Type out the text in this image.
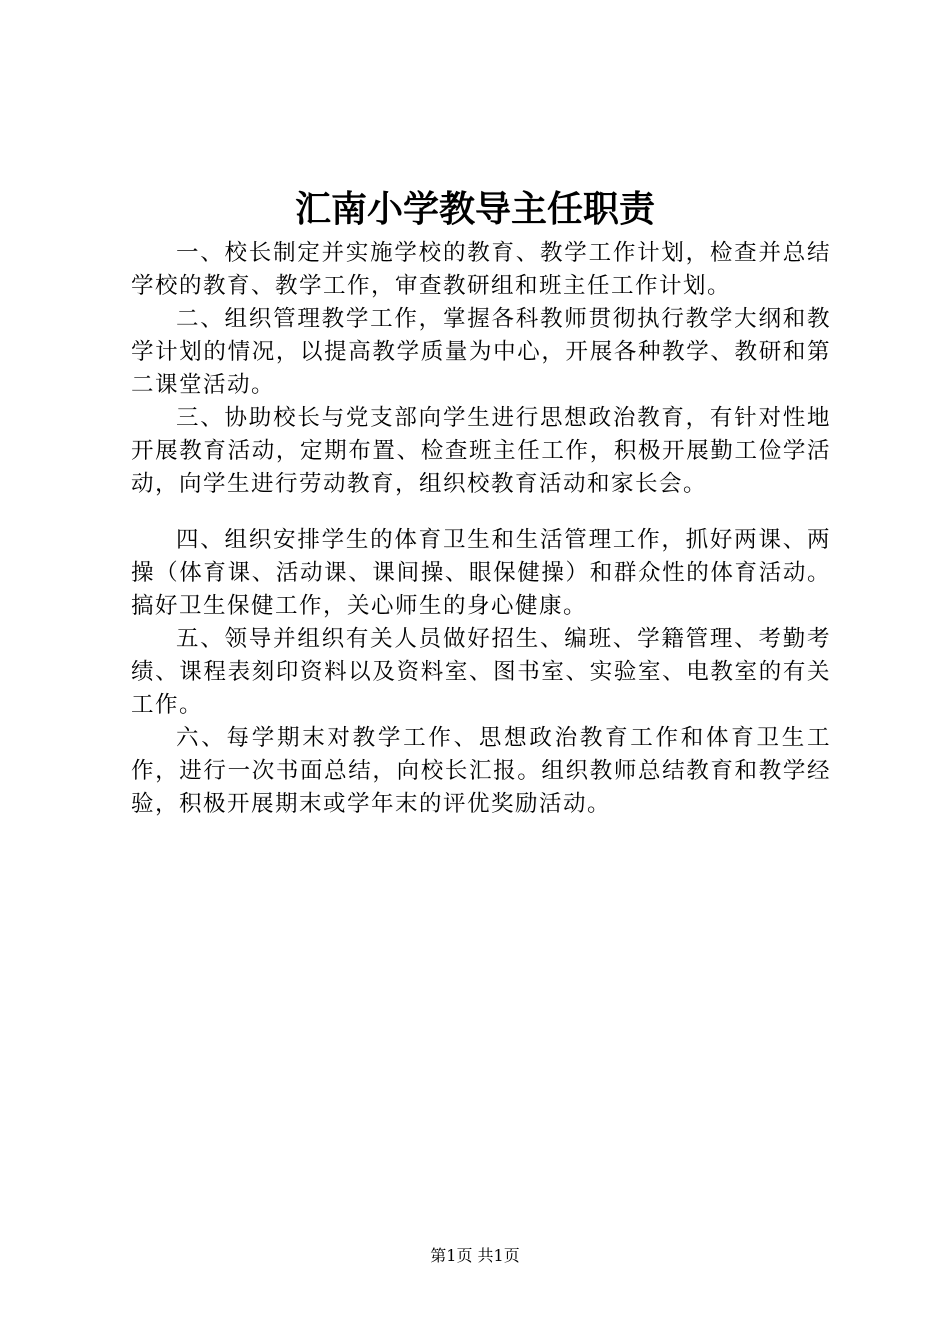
汇南小学教导主任职责

一、校长制定并实施学校的教育、教学工作计划，检查并总结学校的教育、教学工作，审查教研组和班主任工作计划。

二、组织管理教学工作，掌握各科教师贯彻执行教学大纲和教学计划的情况，以提高教学质量为中心，开展各种教学、教研和第二课堂活动。

三、协助校长与党支部向学生进行思想政治教育，有针对性地开展教育活动，定期布置、检查班主任工作，积极开展勤工俭学活动，向学生进行劳动教育，组织校教育活动和家长会。

四、组织安排学生的体育卫生和生活管理工作，抓好两课、两操（体育课、活动课、课间操、眼保健操）和群众性的体育活动。搞好卫生保健工作，关心师生的身心健康。

五、领导并组织有关人员做好招生、编班、学籍管理、考勤考绩、课程表刻印资料以及资料室、图书室、实验室、电教室的有关工作。

六、每学期末对教学工作、思想政治教育工作和体育卫生工作，进行一次书面总结，向校长汇报。组织教师总结教育和教学经验，积极开展期末或学年末的评优奖励活动。

第1页 共1页
